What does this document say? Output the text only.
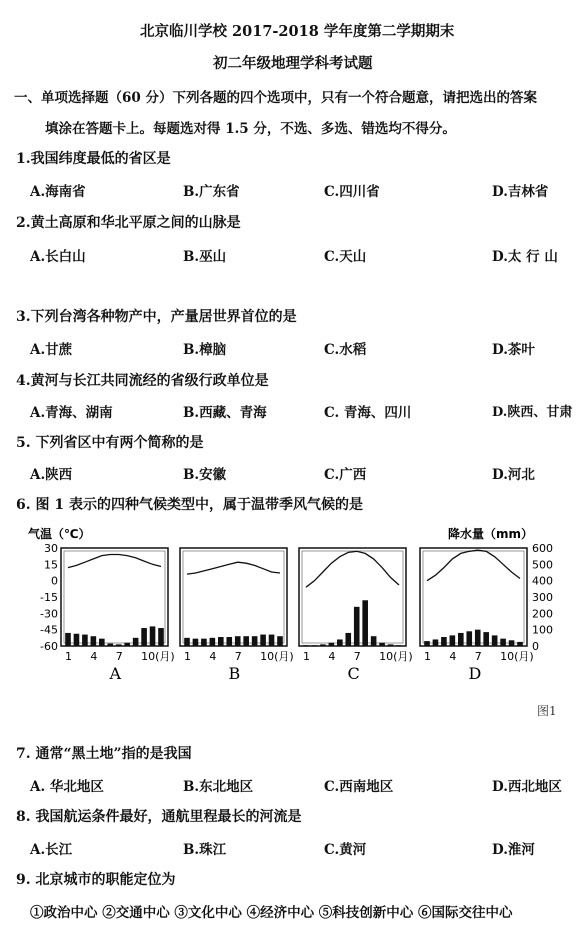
北京临川学校 2017-2018 学年度第二学期期末
初二年级地理学科考试题
一、单项选择题（60 分）下列各题的四个选项中，只有一个符合题意，请把选出的答案
填涂在答题卡上。每题选对得 1.5 分，不选、多选、错选均不得分。
1.我国纬度最低的省区是
A.海南省	B.广东省	C.四川省	D.吉林省
2.黄土高原和华北平原之间的山脉是
A.长白山	B.巫山	C.天山	D.太 行 山
3.下列台湾各种物产中，产量居世界首位的是
A.甘蔗	B.樟脑	C.水稻	D.茶叶
4.黄河与长江共同流经的省级行政单位是
A.青海、湖南	B.西藏、青海	C. 青海、四川	D.陕西、甘肃
5. 下列省区中有两个简称的是
A.陕西	B.安徽	C.广西	D.河北
6. 图 1 表示的四种气候类型中，属于温带季风气候的是
气温（℃）	降水量（mm）
30
15
0
-15
-30
-45
-60
600
500
400
300
200
100
0
1 4 7 10(月)
A
1 4 7 10(月)
B
1 4 7 10(月)
C
1 4 7 10(月)
D
图1
7. 通常“黑土地”指的是我国
A. 华北地区	B.东北地区	C.西南地区	D.西北地区
8. 我国航运条件最好，通航里程最长的河流是
A.长江	B.珠江	C.黄河	D.淮河
9. 北京城市的职能定位为
①政治中心 ②交通中心 ③文化中心 ④经济中心 ⑤科技创新中心 ⑥国际交往中心
